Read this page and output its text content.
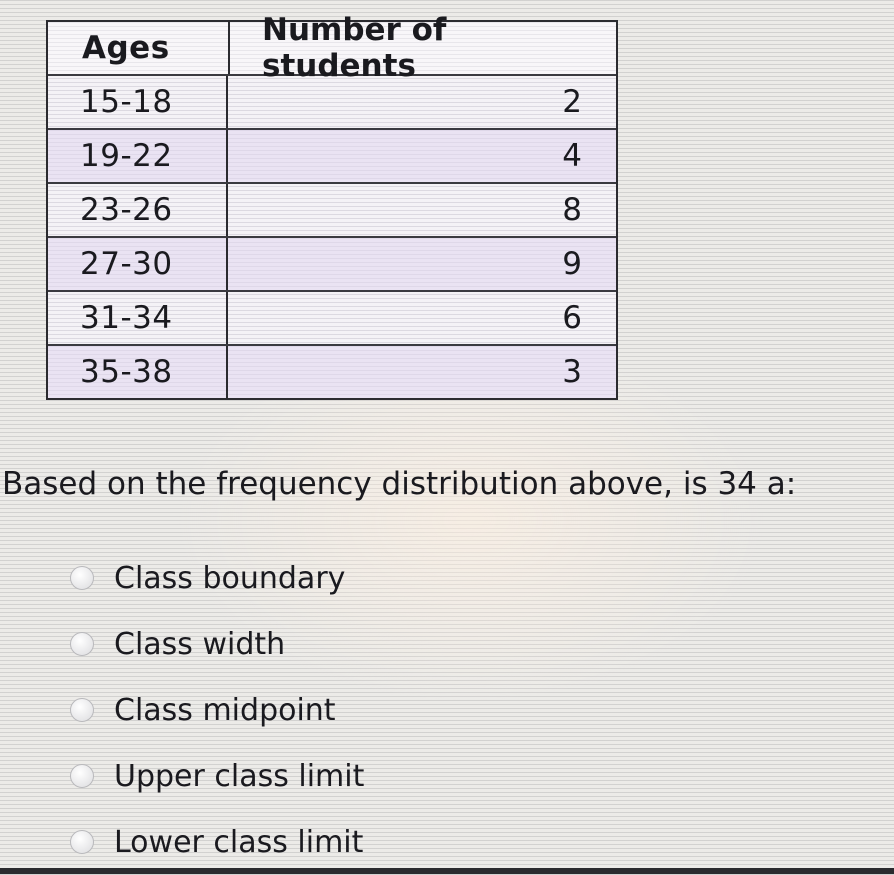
Ages	Number of students
15-18	2
19-22	4
23-26	8
27-30	9
31-34	6
35-38	3
Based on the frequency distribution above, is 34 a:
Class boundary
Class width
Class midpoint
Upper class limit
Lower class limit
